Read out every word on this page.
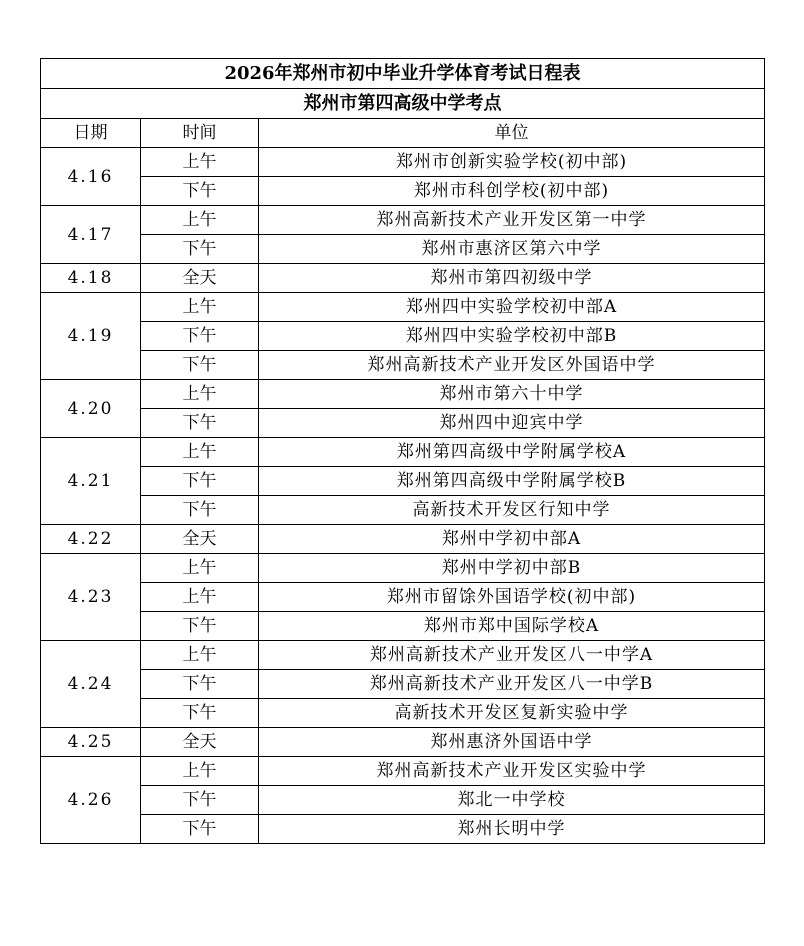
2026年郑州市初中毕业升学体育考试日程表		
郑州市第四高级中学考点		
日期	时间	单位
4.16	上午	郑州市创新实验学校(初中部)
	下午	郑州市科创学校(初中部)
4.17	上午	郑州高新技术产业开发区第一中学
	下午	郑州市惠济区第六中学
4.18	全天	郑州市第四初级中学
4.19	上午	郑州四中实验学校初中部A
	下午	郑州四中实验学校初中部B
	下午	郑州高新技术产业开发区外国语中学
4.20	上午	郑州市第六十中学
	下午	郑州四中迎宾中学
4.21	上午	郑州第四高级中学附属学校A
	下午	郑州第四高级中学附属学校B
	下午	高新技术开发区行知中学
4.22	全天	郑州中学初中部A
4.23	上午	郑州中学初中部B
	上午	郑州市留馀外国语学校(初中部)
	下午	郑州市郑中国际学校A
4.24	上午	郑州高新技术产业开发区八一中学A
	下午	郑州高新技术产业开发区八一中学B
	下午	高新技术开发区复新实验中学
4.25	全天	郑州惠济外国语中学
4.26	上午	郑州高新技术产业开发区实验中学
	下午	郑北一中学校
	下午	郑州长明中学
